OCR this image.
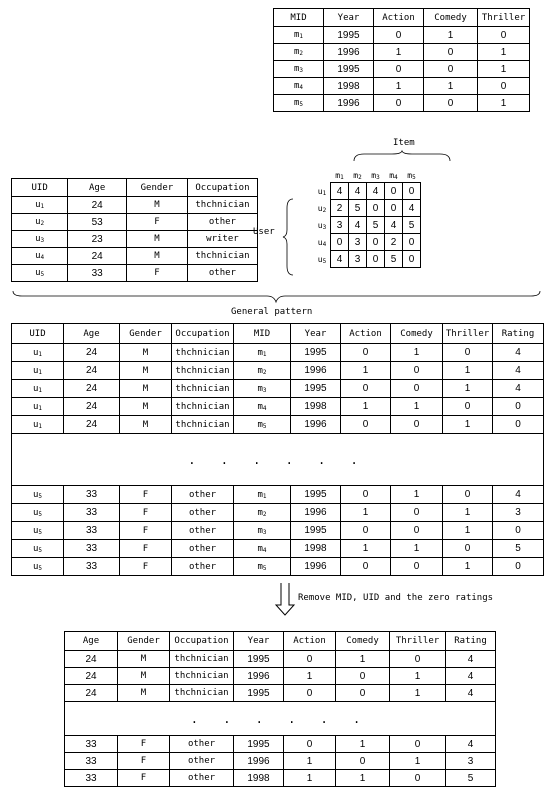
MID	Year	Action	Comedy	Thriller
$m_1$	1995	0	1	0
$m_2$	1996	1	0	1
$m_3$	1995	0	0	1
$m_4$	1998	1	1	0
$m_5$	1996	0	0	1
Item
User
	$m_1$	$m_2$	$m_3$	$m_4$	$m_5$
$u_1$	4	4	4	0	0
$u_2$	2	5	0	0	4
$u_3$	3	4	5	4	5
$u_4$	0	3	0	2	0
$u_5$	4	3	0	5	0
UID	Age	Gender	Occupation
$u_1$	24	M	thchnician
$u_2$	53	F	other
$u_3$	23	M	writer
$u_4$	24	M	thchnician
$u_5$	33	F	other
General pattern
UID	Age	Gender	Occupation	MID	Year	Action	Comedy	Thriller	Rating
$u_1$	24	M	thchnician	$m_1$	1995	0	1	0	4
$u_1$	24	M	thchnician	$m_2$	1996	1	0	1	4
$u_1$	24	M	thchnician	$m_3$	1995	0	0	1	4
$u_1$	24	M	thchnician	$m_4$	1998	1	1	0	0
$u_1$	24	M	thchnician	$m_5$	1996	0	0	1	0
. . . . . .									
$u_5$	33	F	other	$m_1$	1995	0	1	0	4
$u_5$	33	F	other	$m_2$	1996	1	0	1	3
$u_5$	33	F	other	$m_3$	1995	0	0	1	0
$u_5$	33	F	other	$m_4$	1998	1	1	0	5
$u_5$	33	F	other	$m_5$	1996	0	0	1	0
Remove MID, UID and the zero ratings
Age	Gender	Occupation	Year	Action	Comedy	Thriller	Rating
24	M	thchnician	1995	0	1	0	4
24	M	thchnician	1996	1	0	1	4
24	M	thchnician	1995	0	0	1	4
. . . . . .							
33	F	other	1995	0	1	0	4
33	F	other	1996	1	0	1	3
33	F	other	1998	1	1	0	5
